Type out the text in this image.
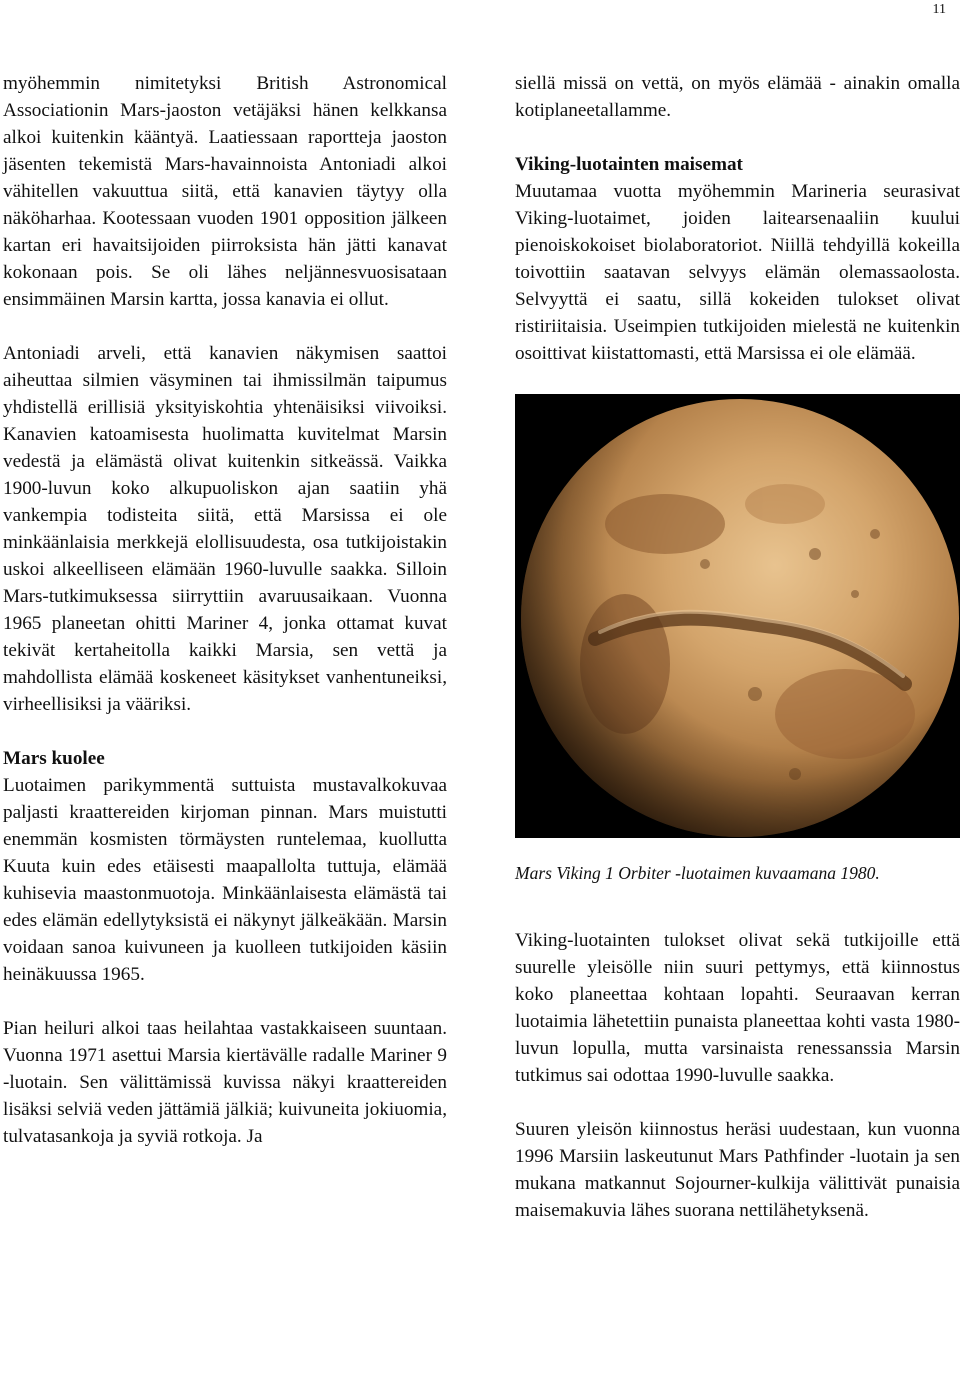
11

myöhemmin nimitetyksi British Astronomical Associationin Mars-jaoston vetäjäksi hänen kelkkansa alkoi kuitenkin kääntyä. Laatiessaan raportteja jaoston jäsenten tekemistä Mars-havainnoista Antoniadi alkoi vähitellen vakuuttua siitä, että kanavien täytyy olla näköharhaa. Kootessaan vuoden 1901 opposition jälkeen kartan eri havaitsijoiden piirroksista hän jätti kanavat kokonaan pois. Se oli lähes neljännesvuosisataan ensimmäinen Marsin kartta, jossa kanavia ei ollut.

Antoniadi arveli, että kanavien näkymisen saattoi aiheuttaa silmien väsyminen tai ihmissilmän taipumus yhdistellä erillisiä yksityiskohtia yhtenäisiksi viivoiksi. Kanavien katoamisesta huolimatta kuvitelmat Marsin vedestä ja elämästä olivat kuitenkin sitkeässä. Vaikka 1900-luvun koko alkupuoliskon ajan saatiin yhä vankempia todisteita siitä, että Marsissa ei ole minkäänlaisia merkkejä elollisuudesta, osa tutkijoistakin uskoi alkeelliseen elämään 1960-luvulle saakka. Silloin Mars-tutkimuksessa siirryttiin avaruusaikaan. Vuonna 1965 planeetan ohitti Mariner 4, jonka ottamat kuvat tekivät kertaheitolla kaikki Marsia, sen vettä ja mahdollista elämää koskeneet käsitykset vanhentuneiksi, virheellisiksi ja vääriksi.

Mars kuolee

Luotaimen parikymmentä suttuista mustavalkokuvaa paljasti kraattereiden kirjoman pinnan. Mars muistutti enemmän kosmisten törmäysten runtelemaa, kuollutta Kuuta kuin edes etäisesti maapallolta tuttuja, elämää kuhisevia maastonmuotoja. Minkäänlaisesta elämästä tai edes elämän edellytyksistä ei näkynyt jälkeäkään. Marsin voidaan sanoa kuivuneen ja kuolleen tutkijoiden käsiin heinäkuussa 1965.

Pian heiluri alkoi taas heilahtaa vastakkaiseen suuntaan. Vuonna 1971 asettui Marsia kiertävälle radalle Mariner 9 -luotain. Sen välittämissä kuvissa näkyi kraattereiden lisäksi selviä veden jättämiä jälkiä; kuivuneita jokiuomia, tulvatasankoja ja syviä rotkoja. Ja

siellä missä on vettä, on myös elämää - ainakin omalla kotiplaneetallamme.

Viking-luotainten maisemat

Muutamaa vuotta myöhemmin Marineria seurasivat Viking-luotaimet, joiden laitearsenaaliin kuului pienoiskokoiset biolaboratoriot. Niillä tehdyillä kokeilla toivottiin saatavan selvyys elämän olemassaolosta. Selvyyttä ei saatu, sillä kokeiden tulokset olivat ristiriitaisia. Useimpien tutkijoiden mielestä ne kuitenkin osoittivat kiistattomasti, että Marsissa ei ole elämää.

Mars Viking 1 Orbiter -luotaimen kuvaamana 1980.

Viking-luotainten tulokset olivat sekä tutkijoille että suurelle yleisölle niin suuri pettymys, että kiinnostus koko planeettaa kohtaan lopahti. Seuraavan kerran luotaimia lähetettiin punaista planeettaa kohti vasta 1980-luvun lopulla, mutta varsinaista renessanssia Marsin tutkimus sai odottaa 1990-luvulle saakka.

Suuren yleisön kiinnostus heräsi uudestaan, kun vuonna 1996 Marsiin laskeutunut Mars Pathfinder -luotain ja sen mukana matkannut Sojourner-kulkija välittivät punaisia maisemakuvia lähes suorana nettilähetyksenä.
